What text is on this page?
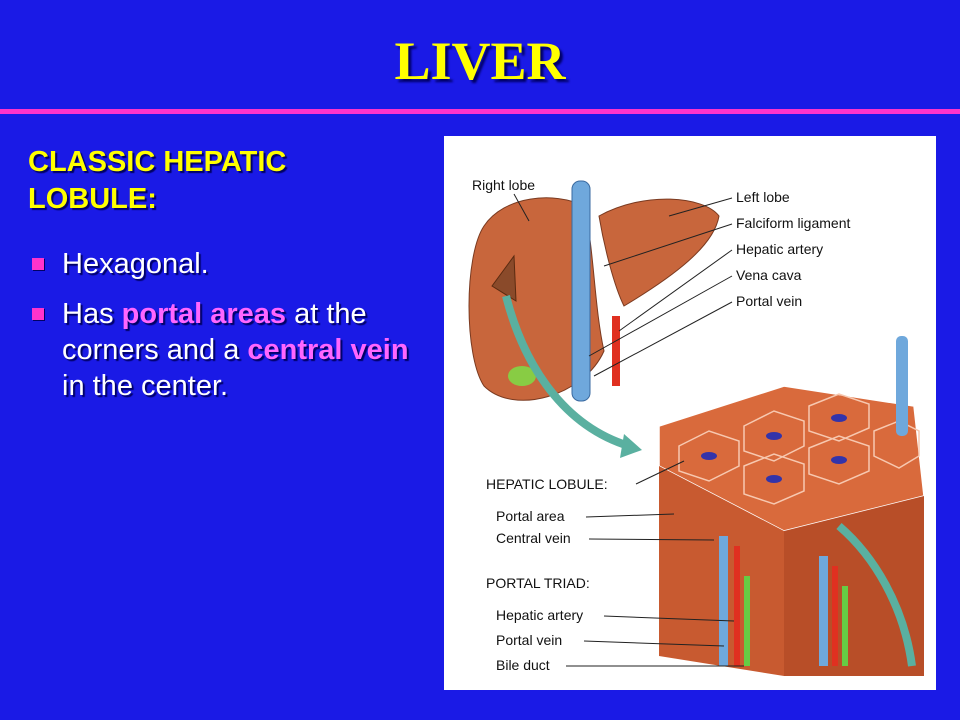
LIVER
CLASSIC HEPATIC LOBULE:
Hexagonal.
Has portal areas at the corners and a central vein in the center.
Right lobe
Left lobe
Falciform ligament
Hepatic artery
Vena cava
Portal vein
HEPATIC LOBULE:
Portal area
Central vein
PORTAL TRIAD:
Hepatic artery
Portal vein
Bile duct
